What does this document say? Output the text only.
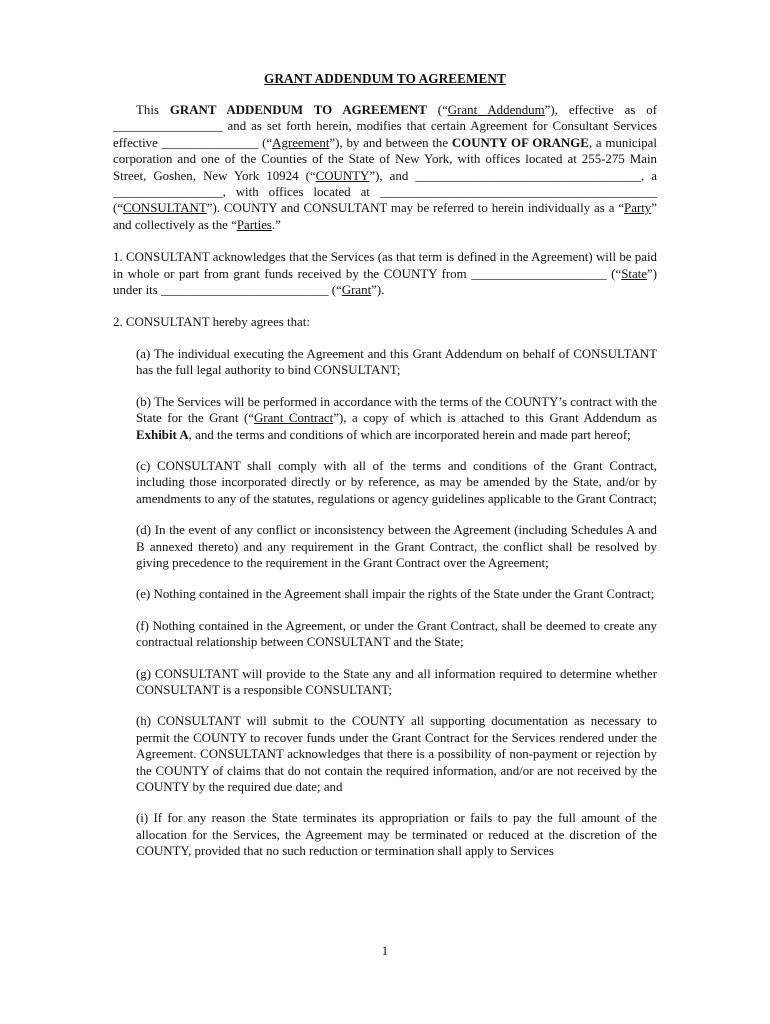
GRANT ADDENDUM TO AGREEMENT

This GRANT ADDENDUM TO AGREEMENT (“Grant Addendum”), effective as of _________________ and as set forth herein, modifies that certain Agreement for Consultant Services effective _______________ (“Agreement”), by and between the COUNTY OF ORANGE, a municipal corporation and one of the Counties of the State of New York, with offices located at 255-275 Main Street, Goshen, New York 10924 (“COUNTY”), and ___________________________________, a _________________, with offices located at ___________________________________________ (“CONSULTANT”). COUNTY and CONSULTANT may be referred to herein individually as a “Party” and collectively as the “Parties.”

1. CONSULTANT acknowledges that the Services (as that term is defined in the Agreement) will be paid in whole or part from grant funds received by the COUNTY from _____________________ (“State”) under its __________________________ (“Grant”).

2. CONSULTANT hereby agrees that:

(a) The individual executing the Agreement and this Grant Addendum on behalf of CONSULTANT has the full legal authority to bind CONSULTANT;

(b) The Services will be performed in accordance with the terms of the COUNTY’s contract with the State for the Grant (“Grant Contract”), a copy of which is attached to this Grant Addendum as Exhibit A, and the terms and conditions of which are incorporated herein and made part hereof;

(c) CONSULTANT shall comply with all of the terms and conditions of the Grant Contract, including those incorporated directly or by reference, as may be amended by the State, and/or by amendments to any of the statutes, regulations or agency guidelines applicable to the Grant Contract;

(d) In the event of any conflict or inconsistency between the Agreement (including Schedules A and B annexed thereto) and any requirement in the Grant Contract, the conflict shall be resolved by giving precedence to the requirement in the Grant Contract over the Agreement;

(e) Nothing contained in the Agreement shall impair the rights of the State under the Grant Contract;

(f) Nothing contained in the Agreement, or under the Grant Contract, shall be deemed to create any contractual relationship between CONSULTANT and the State;

(g) CONSULTANT will provide to the State any and all information required to determine whether CONSULTANT is a responsible CONSULTANT;

(h) CONSULTANT will submit to the COUNTY all supporting documentation as necessary to permit the COUNTY to recover funds under the Grant Contract for the Services rendered under the Agreement. CONSULTANT acknowledges that there is a possibility of non-payment or rejection by the COUNTY of claims that do not contain the required information, and/or are not received by the COUNTY by the required due date; and

(i) If for any reason the State terminates its appropriation or fails to pay the full amount of the allocation for the Services, the Agreement may be terminated or reduced at the discretion of the COUNTY, provided that no such reduction or termination shall apply to Services

1
